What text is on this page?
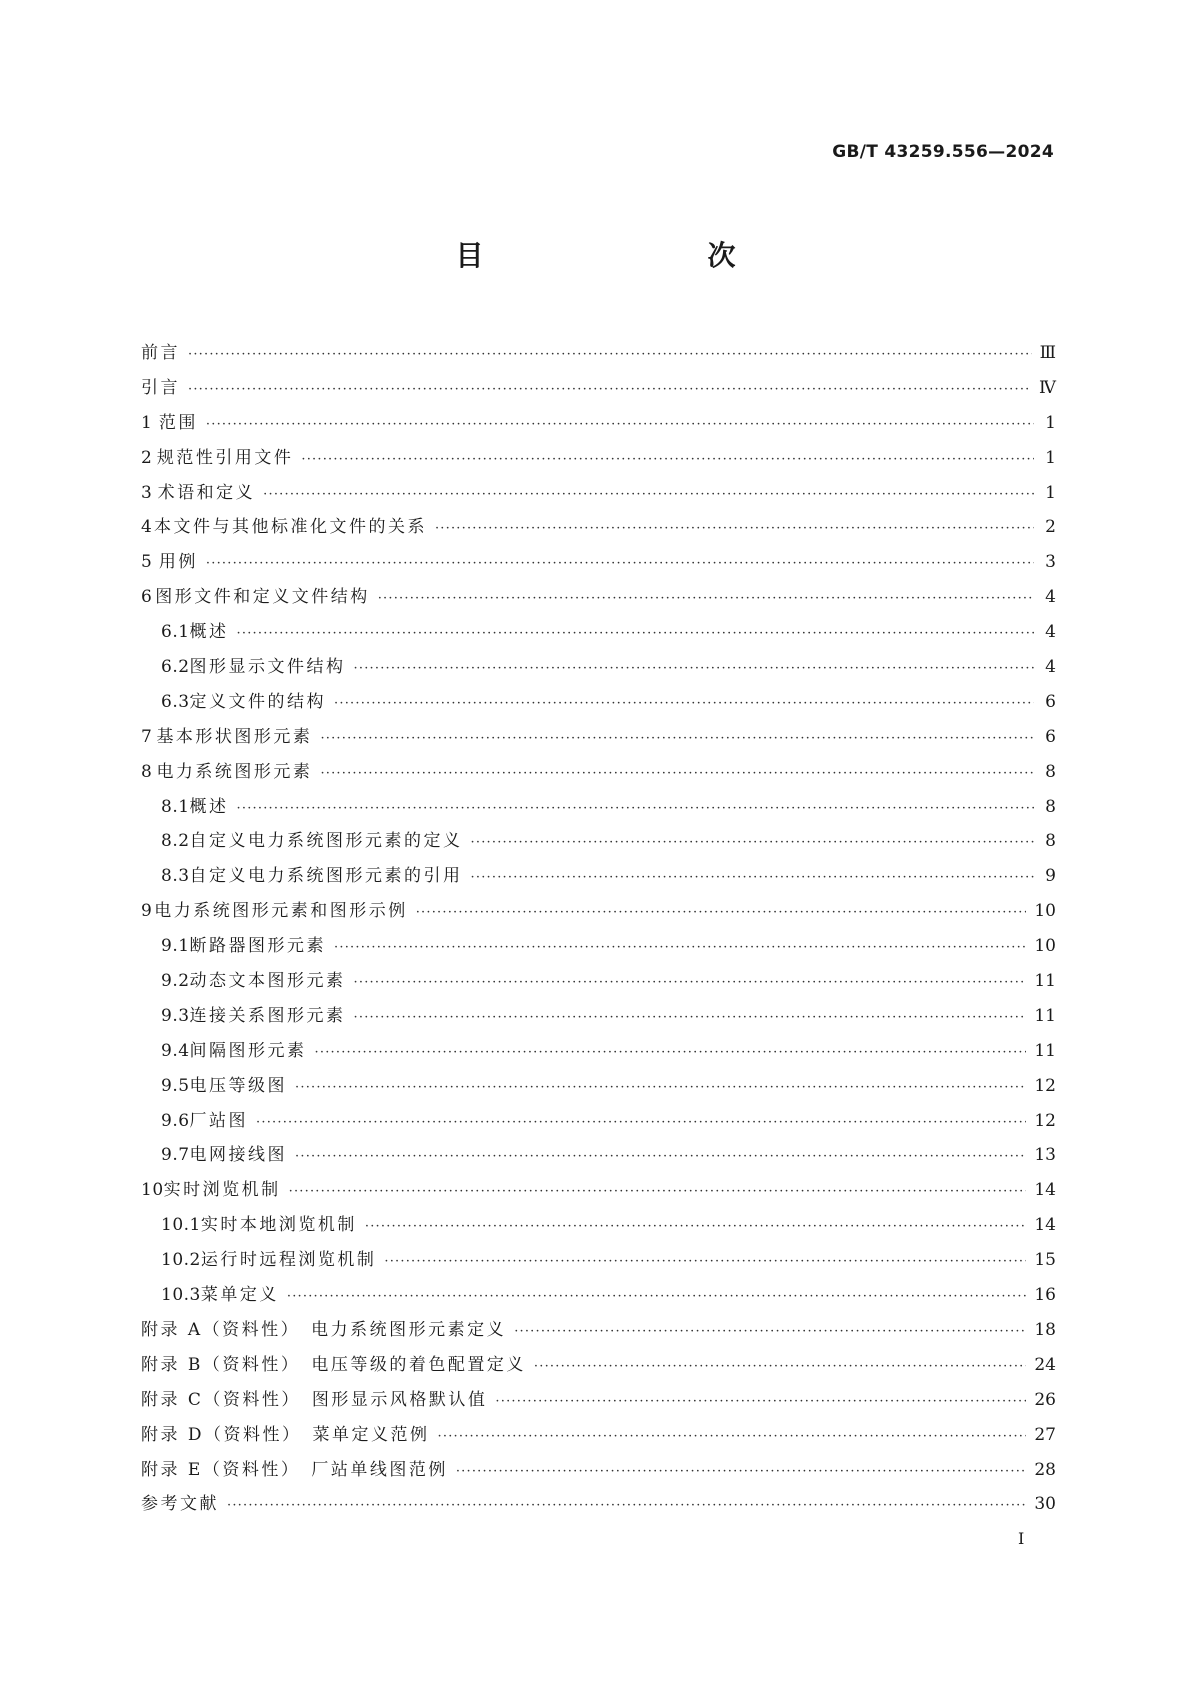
GB/T 43259.556—2024
目　　次
前言 ·····	Ⅲ
引言 ·····	Ⅳ
1 范围 ·····	1
2 规范性引用文件 ·····	1
3 术语和定义 ·····	1
4 本文件与其他标准化文件的关系 ·····	2
5 用例 ·····	3
6 图形文件和定义文件结构 ·····	4
6.1 概述 ·····	4
6.2 图形显示文件结构 ·····	4
6.3 定义文件的结构 ·····	6
7 基本形状图形元素 ·····	6
8 电力系统图形元素 ·····	8
8.1 概述 ·····	8
8.2 自定义电力系统图形元素的定义 ·····	8
8.3 自定义电力系统图形元素的引用 ·····	9
9 电力系统图形元素和图形示例 ·····	10
9.1 断路器图形元素 ·····	10
9.2 动态文本图形元素 ·····	11
9.3 连接关系图形元素 ·····	11
9.4 间隔图形元素 ·····	11
9.5 电压等级图 ·····	12
9.6 厂站图 ·····	12
9.7 电网接线图 ·····	13
10 实时浏览机制 ·····	14
10.1 实时本地浏览机制 ·····	14
10.2 运行时远程浏览机制 ·····	15
10.3 菜单定义 ·····	16
附录 A（资料性）　电力系统图形元素定义 ·····	18
附录 B（资料性）　电压等级的着色配置定义 ·····	24
附录 C（资料性）　图形显示风格默认值 ·····	26
附录 D（资料性）　菜单定义范例 ·····	27
附录 E（资料性）　厂站单线图范例 ·····	28
参考文献 ·····	30
I
